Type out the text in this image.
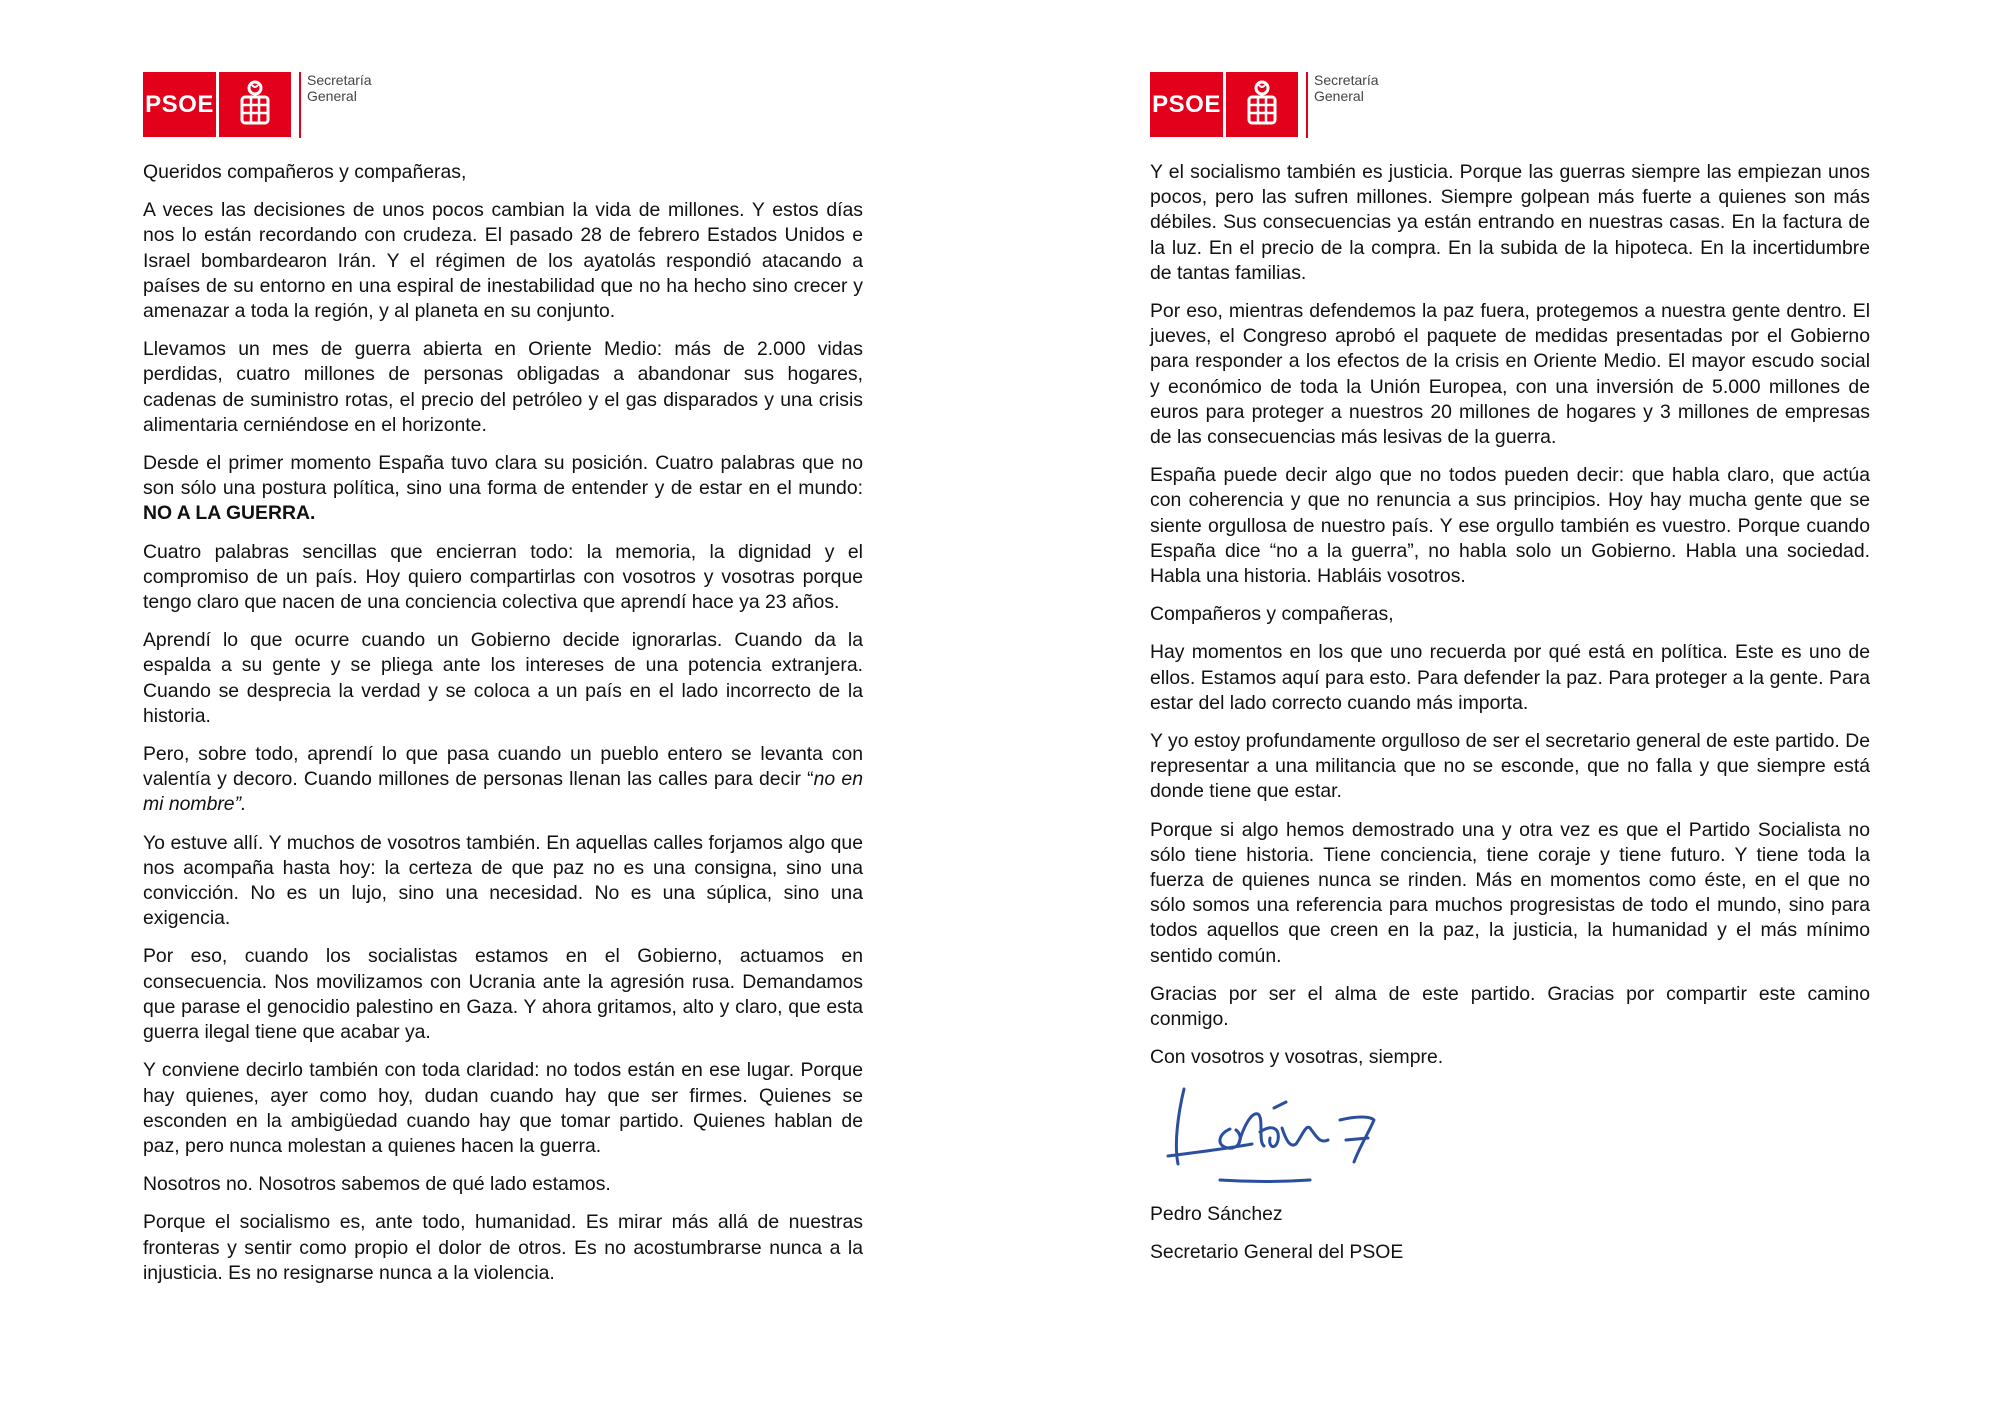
PSOE
Secretaría
General

Queridos compañeros y compañeras,

A veces las decisiones de unos pocos cambian la vida de millones. Y estos días nos lo están recordando con crudeza. El pasado 28 de febrero Estados Unidos e Israel bombardearon Irán. Y el régimen de los ayatolás respondió atacando a países de su entorno en una espiral de inestabilidad que no ha hecho sino crecer y amenazar a toda la región, y al planeta en su conjunto.

Llevamos un mes de guerra abierta en Oriente Medio: más de 2.000 vidas perdidas, cuatro millones de personas obligadas a abandonar sus hogares, cadenas de suministro rotas, el precio del petróleo y el gas disparados y una crisis alimentaria cerniéndose en el horizonte.

Desde el primer momento España tuvo clara su posición. Cuatro palabras que no son sólo una postura política, sino una forma de entender y de estar en el mundo: NO A LA GUERRA.

Cuatro palabras sencillas que encierran todo: la memoria, la dignidad y el compromiso de un país. Hoy quiero compartirlas con vosotros y vosotras porque tengo claro que nacen de una conciencia colectiva que aprendí hace ya 23 años.

Aprendí lo que ocurre cuando un Gobierno decide ignorarlas. Cuando da la espalda a su gente y se pliega ante los intereses de una potencia extranjera. Cuando se desprecia la verdad y se coloca a un país en el lado incorrecto de la historia.

Pero, sobre todo, aprendí lo que pasa cuando un pueblo entero se levanta con valentía y decoro. Cuando millones de personas llenan las calles para decir “no en mi nombre”.

Yo estuve allí. Y muchos de vosotros también. En aquellas calles forjamos algo que nos acompaña hasta hoy: la certeza de que paz no es una consigna, sino una convicción. No es un lujo, sino una necesidad. No es una súplica, sino una exigencia.

Por eso, cuando los socialistas estamos en el Gobierno, actuamos en consecuencia. Nos movilizamos con Ucrania ante la agresión rusa. Demandamos que parase el genocidio palestino en Gaza. Y ahora gritamos, alto y claro, que esta guerra ilegal tiene que acabar ya.

Y conviene decirlo también con toda claridad: no todos están en ese lugar. Porque hay quienes, ayer como hoy, dudan cuando hay que ser firmes. Quienes se esconden en la ambigüedad cuando hay que tomar partido. Quienes hablan de paz, pero nunca molestan a quienes hacen la guerra.

Nosotros no. Nosotros sabemos de qué lado estamos.

Porque el socialismo es, ante todo, humanidad. Es mirar más allá de nuestras fronteras y sentir como propio el dolor de otros. Es no acostumbrarse nunca a la injusticia. Es no resignarse nunca a la violencia.

PSOE
Secretaría
General

Y el socialismo también es justicia. Porque las guerras siempre las empiezan unos pocos, pero las sufren millones. Siempre golpean más fuerte a quienes son más débiles. Sus consecuencias ya están entrando en nuestras casas. En la factura de la luz. En el precio de la compra. En la subida de la hipoteca. En la incertidumbre de tantas familias.

Por eso, mientras defendemos la paz fuera, protegemos a nuestra gente dentro. El jueves, el Congreso aprobó el paquete de medidas presentadas por el Gobierno para responder a los efectos de la crisis en Oriente Medio. El mayor escudo social y económico de toda la Unión Europea, con una inversión de 5.000 millones de euros para proteger a nuestros 20 millones de hogares y 3 millones de empresas de las consecuencias más lesivas de la guerra.

España puede decir algo que no todos pueden decir: que habla claro, que actúa con coherencia y que no renuncia a sus principios. Hoy hay mucha gente que se siente orgullosa de nuestro país. Y ese orgullo también es vuestro. Porque cuando España dice “no a la guerra”, no habla solo un Gobierno. Habla una sociedad. Habla una historia. Habláis vosotros.

Compañeros y compañeras,

Hay momentos en los que uno recuerda por qué está en política. Este es uno de ellos. Estamos aquí para esto. Para defender la paz. Para proteger a la gente. Para estar del lado correcto cuando más importa.

Y yo estoy profundamente orgulloso de ser el secretario general de este partido. De representar a una militancia que no se esconde, que no falla y que siempre está donde tiene que estar.

Porque si algo hemos demostrado una y otra vez es que el Partido Socialista no sólo tiene historia. Tiene conciencia, tiene coraje y tiene futuro. Y tiene toda la fuerza de quienes nunca se rinden. Más en momentos como éste, en el que no sólo somos una referencia para muchos progresistas de todo el mundo, sino para todos aquellos que creen en la paz, la justicia, la humanidad y el más mínimo sentido común.

Gracias por ser el alma de este partido. Gracias por compartir este camino conmigo.

Con vosotros y vosotras, siempre.

Pedro Sánchez

Secretario General del PSOE
